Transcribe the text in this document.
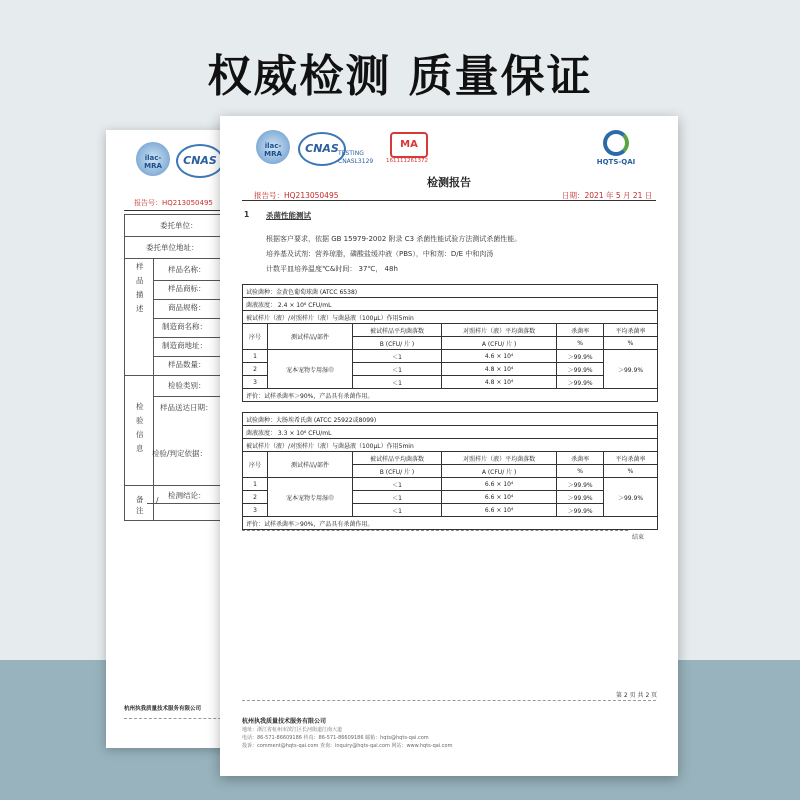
权威检测 质量保证
ilac-MRA	CNAS
报告号：HQ213050495
委托单位：
委托单位地址：
样品名称：
样品商标：
商品规格：
制造商名称：
制造商地址：
样品数量：
检验类别：
样品送达日期：
检验/判定依据：
检测结论：
样品描述
检验信息
备注
/
杭州执我质量技术服务有限公司
ilac-MRA	CNAS TESTING
CNASL3129
MA
161111261372	HQTS-QAI
检测报告
报告号：HQ213050495	日期：2021 年 5 月 21 日
1 杀菌性能测试
根据客户要求，依据 GB 15979-2002 附录 C3 杀菌性能试验方法测试杀菌性能。
培养基及试剂：营养琼脂，磷酸盐缓冲液（PBS），中和剂：D/E 中和肉汤
计数平皿培养温度℃&时间： 37℃， 48h
试验菌种：金黄色葡萄球菌 (ATCC 6538)					
菌液浓度： 2.4 × 10⁶ CFU/mL					
被试样片（液）/对照样片（液）与菌悬液（100μL）作用5min					
序号	测试样品/部件	被试样品平均菌落数	对照样片（液）平均菌落数	杀菌率	平均杀菌率
		B (CFU/ 片 )	A (CFU/ 片 )	%	%
1	宠本宠物专用湿巾	＜1	4.6 × 10⁴	＞99.9%	＞99.9%
2		＜1	4.8 × 10⁴	＞99.9%	
3		＜1	4.8 × 10⁴	＞99.9%	
评价：试样杀菌率＞90%，产品具有杀菌作用。					
试验菌种：大肠埃希氏菌 (ATCC 25922或8099)					
菌液浓度： 3.3 × 10⁶ CFU/mL					
被试样片（液）/对照样片（液）与菌悬液（100μL）作用5min					
序号	测试样品/部件	被试样品平均菌落数	对照样片（液）平均菌落数	杀菌率	平均杀菌率
		B (CFU/ 片 )	A (CFU/ 片 )	%	%
1	宠本宠物专用湿巾	＜1	6.6 × 10⁴	＞99.9%	＞99.9%
2		＜1	6.6 × 10⁴	＞99.9%	
3		＜1	6.6 × 10⁴	＞99.9%	
评价：试样杀菌率＞90%，产品具有杀菌作用。					
结束
第 2 页 共 2 页
杭州执我质量技术服务有限公司
地址：浙江省杭州市滨江区长河街道江南大道
电话：86-571-86609186 传真：86-571-86609186 邮箱：hqts@hqts-qai.com
投诉：comment@hqts-qai.com 查询：inquiry@hqts-qai.com 网站：www.hqts-qai.com
